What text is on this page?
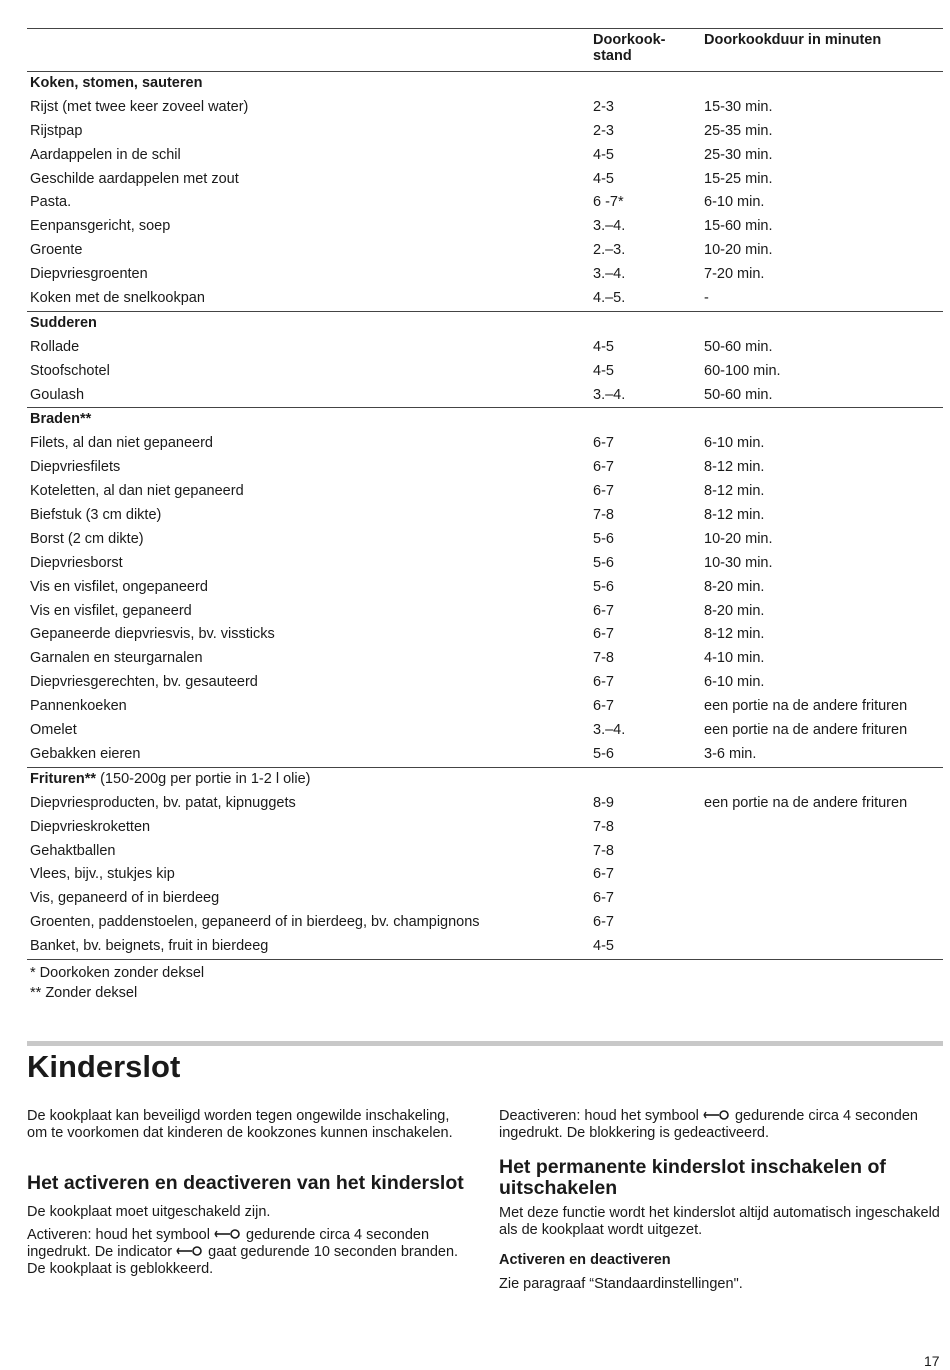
Doorkook-
stand
Doorkookduur in minuten
Koken, stomen, sauteren
Rijst (met twee keer zoveel water)	2-3	15-30 min.
Rijstpap	2-3	25-35 min.
Aardappelen in de schil	4-5	25-30 min.
Geschilde aardappelen met zout	4-5	15-25 min.
Pasta.	6 -7*	6-10 min.
Eenpansgericht, soep	3.–4.	15-60 min.
Groente	2.–3.	10-20 min.
Diepvriesgroenten	3.–4.	7-20 min.
Koken met de snelkookpan	4.–5.	-
Sudderen
Rollade	4-5	50-60 min.
Stoofschotel	4-5	60-100 min.
Goulash	3.–4.	50-60 min.
Braden**
Filets, al dan niet gepaneerd	6-7	6-10 min.
Diepvriesfilets	6-7	8-12 min.
Koteletten, al dan niet gepaneerd	6-7	8-12 min.
Biefstuk (3 cm dikte)	7-8	8-12 min.
Borst (2 cm dikte)	5-6	10-20 min.
Diepvriesborst	5-6	10-30 min.
Vis en visfilet, ongepaneerd	5-6	8-20 min.
Vis en visfilet, gepaneerd	6-7	8-20 min.
Gepaneerde diepvriesvis, bv. vissticks	6-7	8-12 min.
Garnalen en steurgarnalen	7-8	4-10 min.
Diepvriesgerechten, bv. gesauteerd	6-7	6-10 min.
Pannenkoeken	6-7	een portie na de andere frituren
Omelet	3.–4.	een portie na de andere frituren
Gebakken eieren	5-6	3-6 min.
Frituren** (150-200g per portie in 1-2 l olie)
Diepvriesproducten, bv. patat, kipnuggets	8-9	een portie na de andere frituren
Diepvrieskroketten	7-8
Gehaktballen	7-8
Vlees, bijv., stukjes kip	6-7
Vis, gepaneerd of in bierdeeg	6-7
Groenten, paddenstoelen, gepaneerd of in bierdeeg, bv. champignons	6-7
Banket, bv. beignets, fruit in bierdeeg	4-5
* Doorkoken zonder deksel
** Zonder deksel
Kinderslot

De kookplaat kan beveiligd worden tegen ongewilde inschakeling, om te voorkomen dat kinderen de kookzones kunnen inschakelen.

Het activeren en deactiveren van het kinderslot

De kookplaat moet uitgeschakeld zijn.

Activeren: houd het symbool gedurende circa 4 seconden ingedrukt. De indicator gaat gedurende 10 seconden branden. De kookplaat is geblokkeerd.

Deactiveren: houd het symbool gedurende circa 4 seconden ingedrukt. De blokkering is gedeactiveerd.

Het permanente kinderslot inschakelen of uitschakelen

Met deze functie wordt het kinderslot altijd automatisch ingeschakeld als de kookplaat wordt uitgezet.

Activeren en deactiveren

Zie paragraaf “Standaardinstellingen".

17
